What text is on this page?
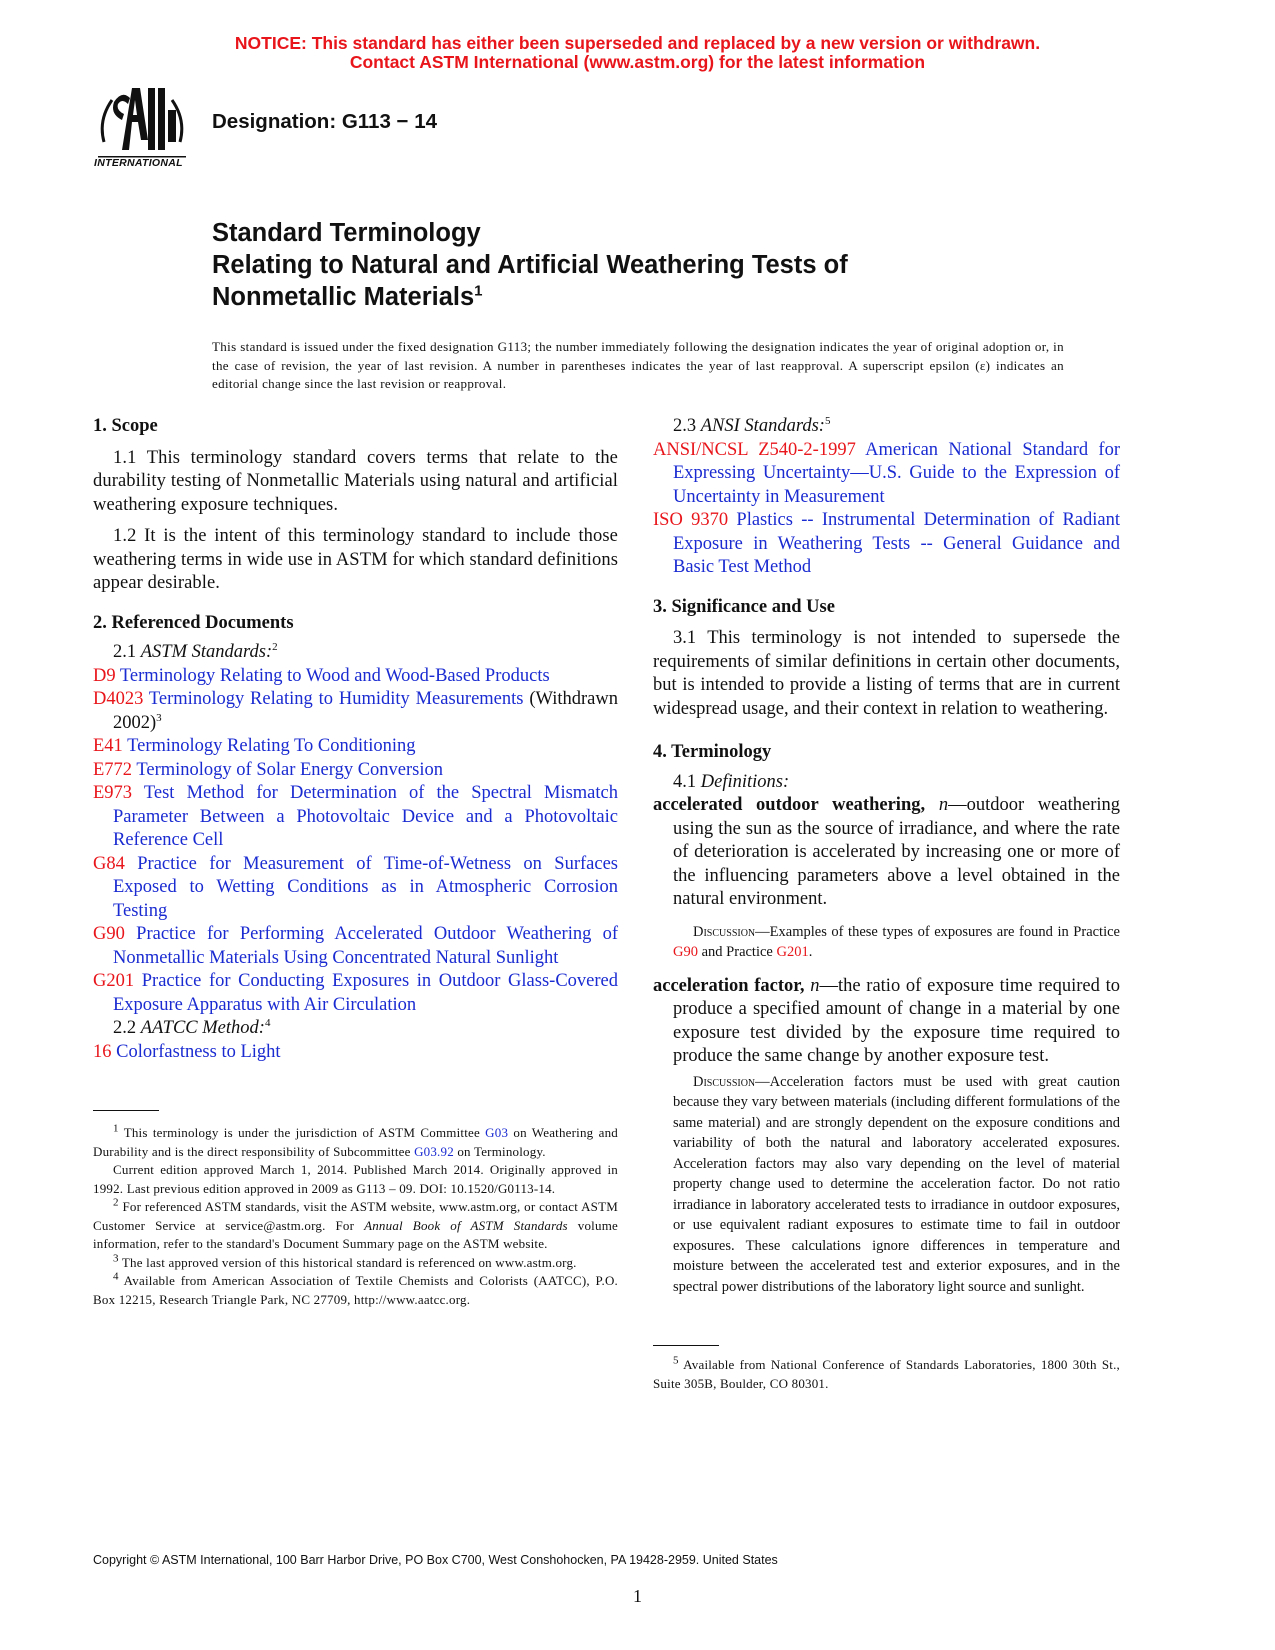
NOTICE: This standard has either been superseded and replaced by a new version or withdrawn.
Contact ASTM International (www.astm.org) for the latest information
INTERNATIONAL
Designation: G113 − 14
Standard Terminology
Relating to Natural and Artificial Weathering Tests of
Nonmetallic Materials$^1$
This standard is issued under the fixed designation G113; the number immediately following the designation indicates the year of original adoption or, in the case of revision, the year of last revision. A number in parentheses indicates the year of last reapproval. A superscript epsilon (ε) indicates an editorial change since the last revision or reapproval.

1. Scope

1.1 This terminology standard covers terms that relate to the durability testing of Nonmetallic Materials using natural and artificial weathering exposure techniques.

1.2 It is the intent of this terminology standard to include those weathering terms in wide use in ASTM for which standard definitions appear desirable.

2. Referenced Documents

2.1 ASTM Standards:$^2$

D9 Terminology Relating to Wood and Wood-Based Products

D4023 Terminology Relating to Humidity Measurements (Withdrawn 2002)$^3$

E41 Terminology Relating To Conditioning

E772 Terminology of Solar Energy Conversion

E973 Test Method for Determination of the Spectral Mismatch Parameter Between a Photovoltaic Device and a Photovoltaic Reference Cell

G84 Practice for Measurement of Time-of-Wetness on Surfaces Exposed to Wetting Conditions as in Atmospheric Corrosion Testing

G90 Practice for Performing Accelerated Outdoor Weathering of Nonmetallic Materials Using Concentrated Natural Sunlight

G201 Practice for Conducting Exposures in Outdoor Glass-Covered Exposure Apparatus with Air Circulation

2.2 AATCC Method:$^4$

16 Colorfastness to Light

$^1$ This terminology is under the jurisdiction of ASTM Committee G03 on Weathering and Durability and is the direct responsibility of Subcommittee G03.92 on Terminology.

Current edition approved March 1, 2014. Published March 2014. Originally approved in 1992. Last previous edition approved in 2009 as G113 – 09. DOI: 10.1520/G0113-14.

$^2$ For referenced ASTM standards, visit the ASTM website, www.astm.org, or contact ASTM Customer Service at service@astm.org. For Annual Book of ASTM Standards volume information, refer to the standard's Document Summary page on the ASTM website.

$^3$ The last approved version of this historical standard is referenced on www.astm.org.

$^4$ Available from American Association of Textile Chemists and Colorists (AATCC), P.O. Box 12215, Research Triangle Park, NC 27709, http://www.aatcc.org.

2.3 ANSI Standards:$^5$

ANSI/NCSL Z540-2-1997 American National Standard for Expressing Uncertainty—U.S. Guide to the Expression of Uncertainty in Measurement

ISO 9370 Plastics -- Instrumental Determination of Radiant Exposure in Weathering Tests -- General Guidance and Basic Test Method

3. Significance and Use

3.1 This terminology is not intended to supersede the requirements of similar definitions in certain other documents, but is intended to provide a listing of terms that are in current widespread usage, and their context in relation to weathering.

4. Terminology

4.1 Definitions:

accelerated outdoor weathering, n—outdoor weathering using the sun as the source of irradiance, and where the rate of deterioration is accelerated by increasing one or more of the influencing parameters above a level obtained in the natural environment.

Discussion—Examples of these types of exposures are found in Practice G90 and Practice G201.

acceleration factor, n—the ratio of exposure time required to produce a specified amount of change in a material by one exposure test divided by the exposure time required to produce the same change by another exposure test.

Discussion—Acceleration factors must be used with great caution because they vary between materials (including different formulations of the same material) and are strongly dependent on the exposure conditions and variability of both the natural and laboratory accelerated exposures. Acceleration factors may also vary depending on the level of material property change used to determine the acceleration factor. Do not ratio irradiance in laboratory accelerated tests to irradiance in outdoor exposures, or use equivalent radiant exposures to estimate time to fail in outdoor exposures. These calculations ignore differences in temperature and moisture between the accelerated test and exterior exposures, and in the spectral power distributions of the laboratory light source and sunlight.

$^5$ Available from National Conference of Standards Laboratories, 1800 30th St., Suite 305B, Boulder, CO 80301.

Copyright © ASTM International, 100 Barr Harbor Drive, PO Box C700, West Conshohocken, PA 19428-2959. United States
1
